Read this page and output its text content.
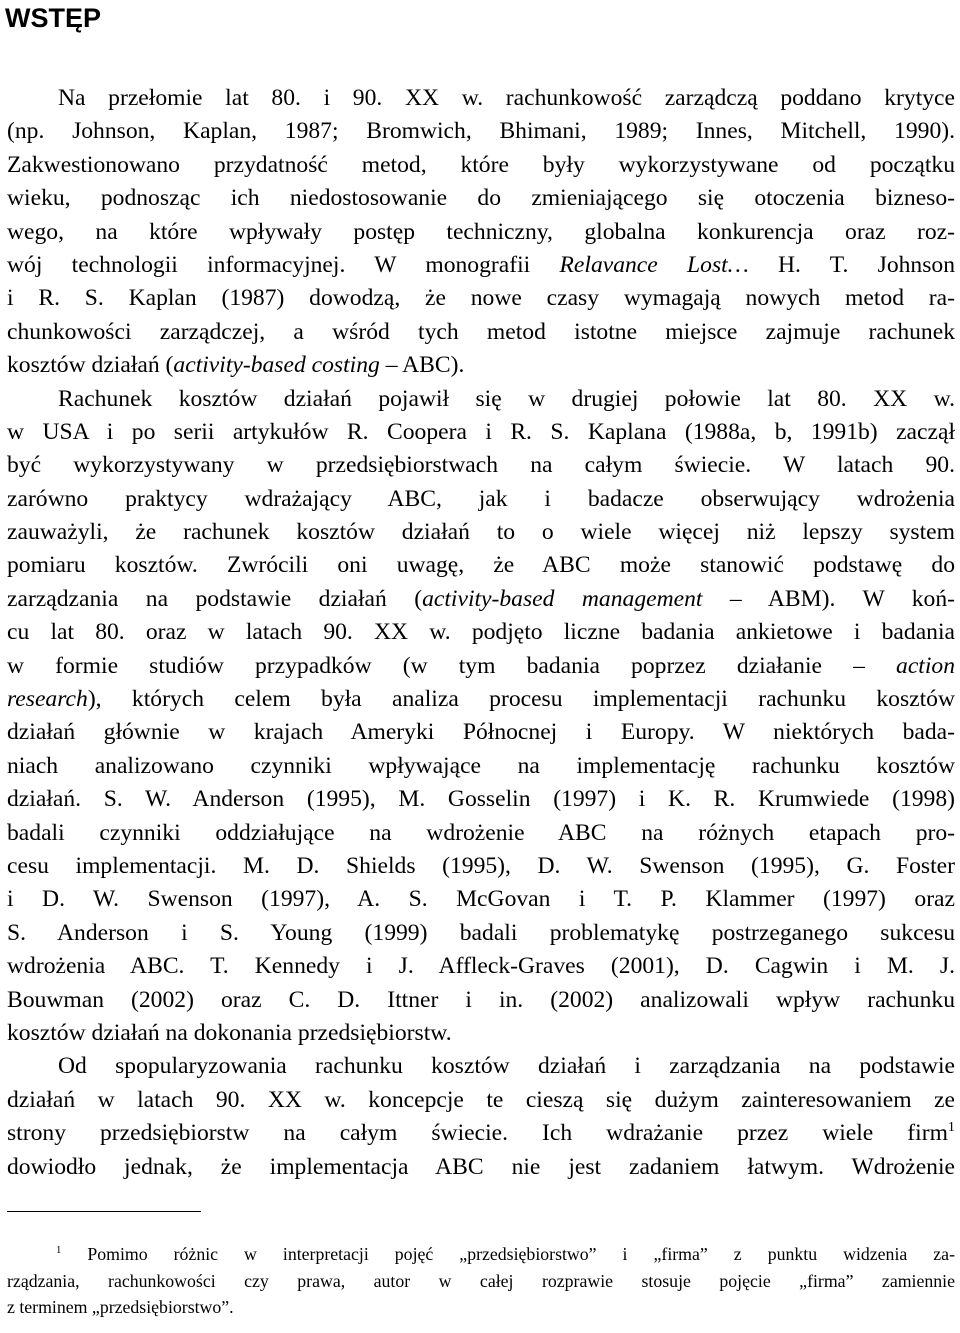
WSTĘP
Na przełomie lat 80. i 90. XX w. rachunkowość zarządczą poddano krytyce
(np. Johnson, Kaplan, 1987; Bromwich, Bhimani, 1989; Innes, Mitchell, 1990).
Zakwestionowano przydatność metod, które były wykorzystywane od początku
wieku, podnosząc ich niedostosowanie do zmieniającego się otoczenia bizneso-
wego, na które wpływały postęp techniczny, globalna konkurencja oraz roz-
wój technologii informacyjnej. W monografii Relavance Lost… H. T. Johnson
i R. S. Kaplan (1987) dowodzą, że nowe czasy wymagają nowych metod ra-
chunkowości zarządczej, a wśród tych metod istotne miejsce zajmuje rachunek
kosztów działań (activity-based costing – ABC).
Rachunek kosztów działań pojawił się w drugiej połowie lat 80. XX w.
w USA i po serii artykułów R. Coopera i R. S. Kaplana (1988a, b, 1991b) zaczął
być wykorzystywany w przedsiębiorstwach na całym świecie. W latach 90.
zarówno praktycy wdrażający ABC, jak i badacze obserwujący wdrożenia
zauważyli, że rachunek kosztów działań to o wiele więcej niż lepszy system
pomiaru kosztów. Zwrócili oni uwagę, że ABC może stanowić podstawę do
zarządzania na podstawie działań (activity-based management – ABM). W koń-
cu lat 80. oraz w latach 90. XX w. podjęto liczne badania ankietowe i badania
w formie studiów przypadków (w tym badania poprzez działanie – action
research), których celem była analiza procesu implementacji rachunku kosztów
działań głównie w krajach Ameryki Północnej i Europy. W niektórych bada-
niach analizowano czynniki wpływające na implementację rachunku kosztów
działań. S. W. Anderson (1995), M. Gosselin (1997) i K. R. Krumwiede (1998)
badali czynniki oddziałujące na wdrożenie ABC na różnych etapach pro-
cesu implementacji. M. D. Shields (1995), D. W. Swenson (1995), G. Foster
i D. W. Swenson (1997), A. S. McGovan i T. P. Klammer (1997) oraz
S. Anderson i S. Young (1999) badali problematykę postrzeganego sukcesu
wdrożenia ABC. T. Kennedy i J. Affleck-Graves (2001), D. Cagwin i M. J.
Bouwman (2002) oraz C. D. Ittner i in. (2002) analizowali wpływ rachunku
kosztów działań na dokonania przedsiębiorstw.
Od spopularyzowania rachunku kosztów działań i zarządzania na podstawie
działań w latach 90. XX w. koncepcje te cieszą się dużym zainteresowaniem ze
strony przedsiębiorstw na całym świecie. Ich wdrażanie przez wiele firm$^1$
dowiodło jednak, że implementacja ABC nie jest zadaniem łatwym. Wdrożenie
$^1$ Pomimo różnic w interpretacji pojęć „przedsiębiorstwo” i „firma” z punktu widzenia za-
rządzania, rachunkowości czy prawa, autor w całej rozprawie stosuje pojęcie „firma” zamiennie
z terminem „przedsiębiorstwo”.
